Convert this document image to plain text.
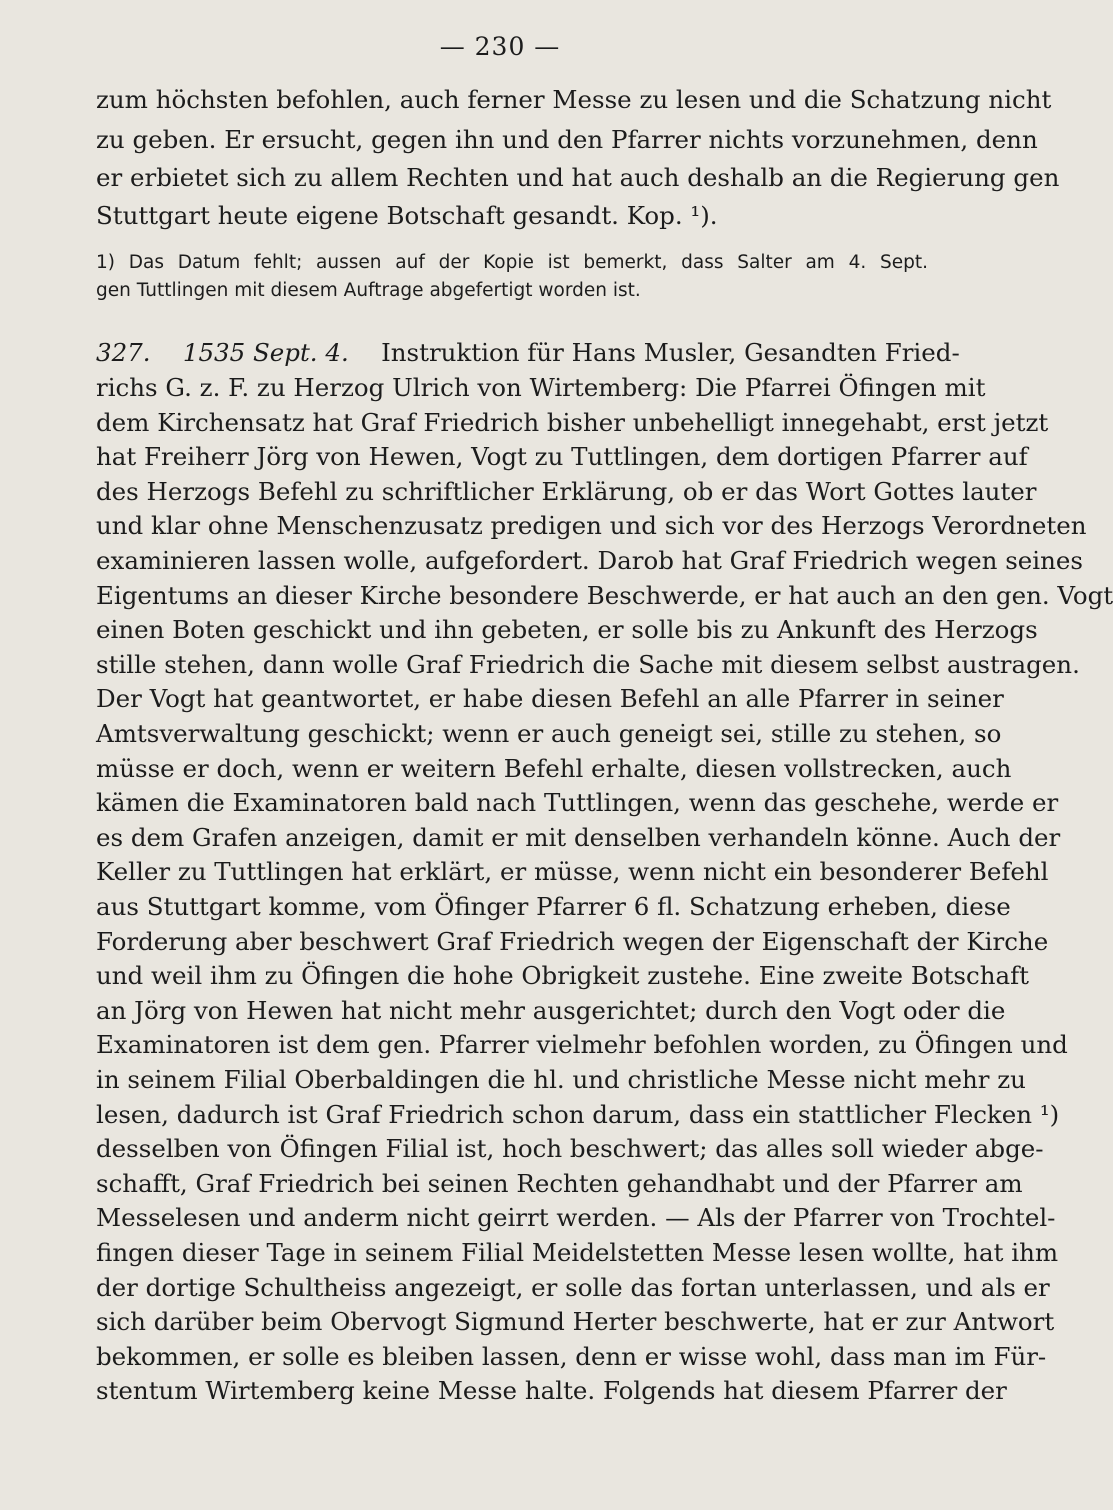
— 230 —
zum höchsten befohlen, auch ferner Messe zu lesen und die Schatzung nicht
zu geben. Er ersucht, gegen ihn und den Pfarrer nichts vorzunehmen, denn
er erbietet sich zu allem Rechten und hat auch deshalb an die Regierung gen
Stuttgart heute eigene Botschaft gesandt. Kop. ¹).
1) Das Datum fehlt; aussen auf der Kopie ist bemerkt, dass Salter am 4. Sept.
gen Tuttlingen mit diesem Auftrage abgefertigt worden ist.
327.  1535 Sept. 4.  Instruktion für Hans Musler, Gesandten Fried-
richs G. z. F. zu Herzog Ulrich von Wirtemberg: Die Pfarrei Öfingen mit
dem Kirchensatz hat Graf Friedrich bisher unbehelligt innegehabt, erst jetzt
hat Freiherr Jörg von Hewen, Vogt zu Tuttlingen, dem dortigen Pfarrer auf
des Herzogs Befehl zu schriftlicher Erklärung, ob er das Wort Gottes lauter
und klar ohne Menschenzusatz predigen und sich vor des Herzogs Verordneten
examinieren lassen wolle, aufgefordert. Darob hat Graf Friedrich wegen seines
Eigentums an dieser Kirche besondere Beschwerde, er hat auch an den gen. Vogt
einen Boten geschickt und ihn gebeten, er solle bis zu Ankunft des Herzogs
stille stehen, dann wolle Graf Friedrich die Sache mit diesem selbst austragen.
Der Vogt hat geantwortet, er habe diesen Befehl an alle Pfarrer in seiner
Amtsverwaltung geschickt; wenn er auch geneigt sei, stille zu stehen, so
müsse er doch, wenn er weitern Befehl erhalte, diesen vollstrecken, auch
kämen die Examinatoren bald nach Tuttlingen, wenn das geschehe, werde er
es dem Grafen anzeigen, damit er mit denselben verhandeln könne. Auch der
Keller zu Tuttlingen hat erklärt, er müsse, wenn nicht ein besonderer Befehl
aus Stuttgart komme, vom Öfinger Pfarrer 6 fl. Schatzung erheben, diese
Forderung aber beschwert Graf Friedrich wegen der Eigenschaft der Kirche
und weil ihm zu Öfingen die hohe Obrigkeit zustehe. Eine zweite Botschaft
an Jörg von Hewen hat nicht mehr ausgerichtet; durch den Vogt oder die
Examinatoren ist dem gen. Pfarrer vielmehr befohlen worden, zu Öfingen und
in seinem Filial Oberbaldingen die hl. und christliche Messe nicht mehr zu
lesen, dadurch ist Graf Friedrich schon darum, dass ein stattlicher Flecken ¹)
desselben von Öfingen Filial ist, hoch beschwert; das alles soll wieder abge-
schafft, Graf Friedrich bei seinen Rechten gehandhabt und der Pfarrer am
Messelesen und anderm nicht geirrt werden. — Als der Pfarrer von Trochtel-
fingen dieser Tage in seinem Filial Meidelstetten Messe lesen wollte, hat ihm
der dortige Schultheiss angezeigt, er solle das fortan unterlassen, und als er
sich darüber beim Obervogt Sigmund Herter beschwerte, hat er zur Antwort
bekommen, er solle es bleiben lassen, denn er wisse wohl, dass man im Für-
stentum Wirtemberg keine Messe halte. Folgends hat diesem Pfarrer der
